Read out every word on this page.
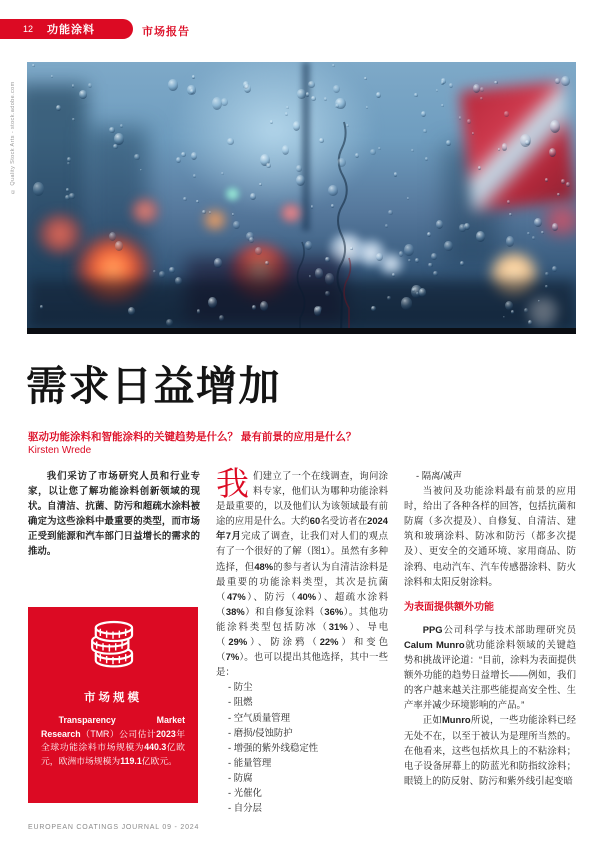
12 功能涂料	市场报告
© Quality Stock Arts - stock.adobe.com
需求日益增加
驱动功能涂料和智能涂料的关键趋势是什么？ 最有前景的应用是什么？
Kirsten Wrede

我们采访了市场研究人员和行业专家，以让您了解功能涂料创新领域的现状。自清洁、抗菌、防污和超疏水涂料被确定为这些涂料中最重要的类型，而市场正受到能源和汽车部门日益增长的需求的推动。

市场规模
Transparency Market Research（TMR）公司估计2023年全球功能涂料市场规模为440.3亿欧元，欧洲市场规模为119.1亿欧元。

我们建立了一个在线调查，询问涂料专家，他们认为哪种功能涂料是最重要的，以及他们认为该领域最有前途的应用是什么。大约60名受访者在2024年7月完成了调查，让我们对人们的观点有了一个很好的了解（图1）。虽然有多种选择，但48%的参与者认为自清洁涂料是最重要的功能涂料类型，其次是抗菌（47%）、防污（40%）、超疏水涂料（38%）和自修复涂料（36%）。其他功能涂料类型包括防冰（31%）、导电（29%）、防涂鸦（22%）和变色（7%）。也可以提出其他选择，其中一些是：

- 防尘
- 阻燃
- 空气质量管理
- 磨损/侵蚀防护
- 增强的紫外线稳定性
- 能量管理
- 防腐
- 光催化
- 自分层
- 隔离/减声

当被问及功能涂料最有前景的应用时，给出了各种各样的回答，包括抗菌和防腐（多次提及）、自修复、自清洁、建筑和玻璃涂料、防冰和防污（都多次提及）、更安全的交通环境、家用商品、防涂鸦、电动汽车、汽车传感器涂料、防火涂料和太阳反射涂料。

为表面提供额外功能

PPG公司科学与技术部助理研究员Calum Munro就功能涂料领域的关键趋势和挑战评论道：“目前，涂料为表面提供额外功能的趋势日益增长——例如，我们的客户越来越关注那些能提高安全性、生产率并减少环境影响的产品。”

正如Munro所说，一些功能涂料已经无处不在，以至于被认为是理所当然的。在他看来，这些包括炊具上的不粘涂料；电子设备屏幕上的防蓝光和防指纹涂料；眼镜上的防反射、防污和紫外线引起变暗

EUROPEAN COATINGS JOURNAL 09 - 2024
